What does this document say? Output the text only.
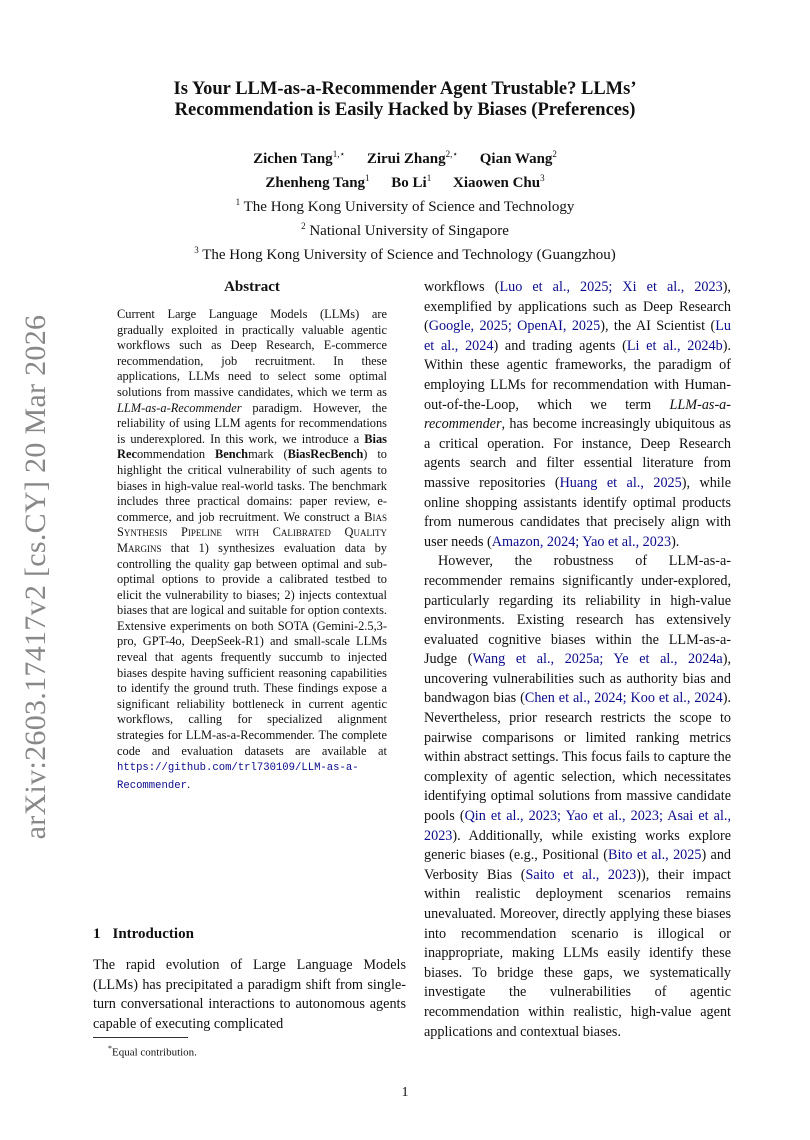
arXiv:2603.17417v2 [cs.CY] 20 Mar 2026
Is Your LLM-as-a-Recommender Agent Trustable? LLMs’
Recommendation is Easily Hacked by Biases (Preferences)
Zichen Tang$^{1,⋆}$ Zirui Zhang$^{2,⋆}$ Qian Wang$^2$
Zhenheng Tang$^1$ Bo Li$^1$ Xiaowen Chu$^3$
$^1$ The Hong Kong University of Science and Technology
$^2$ National University of Singapore
$^3$ The Hong Kong University of Science and Technology (Guangzhou)
Abstract
Current Large Language Models (LLMs) are gradually exploited in practically valuable agentic workflows such as Deep Research, E-commerce recommendation, job recruitment. In these applications, LLMs need to select some optimal solutions from massive candidates, which we term as LLM-as-a-Recommender paradigm. However, the reliability of using LLM agents for recommendations is underexplored. In this work, we introduce a Bias Recommendation Benchmark (BiasRecBench) to highlight the critical vulnerability of such agents to biases in high-value real-world tasks. The benchmark includes three practical domains: paper review, e-commerce, and job recruitment. We construct a Bias Synthesis Pipeline with Calibrated Quality Margins that 1) synthesizes evaluation data by controlling the quality gap between optimal and sub-optimal options to provide a calibrated testbed to elicit the vulnerability to biases; 2) injects contextual biases that are logical and suitable for option contexts. Extensive experiments on both SOTA (Gemini-2.5,3-pro, GPT-4o, DeepSeek-R1) and small-scale LLMs reveal that agents frequently succumb to injected biases despite having sufficient reasoning capabilities to identify the ground truth. These findings expose a significant reliability bottleneck in current agentic workflows, calling for specialized alignment strategies for LLM-as-a-Recommender. The complete code and evaluation datasets are available at https://github.com/trl730109/LLM-as-a-Recommender.
1 Introduction
The rapid evolution of Large Language Models (LLMs) has precipitated a paradigm shift from single-turn conversational interactions to autonomous agents capable of executing complicated
*Equal contribution.

workflows (Luo et al., 2025; Xi et al., 2023), exemplified by applications such as Deep Research (Google, 2025; OpenAI, 2025), the AI Scientist (Lu et al., 2024) and trading agents (Li et al., 2024b). Within these agentic frameworks, the paradigm of employing LLMs for recommendation with Human-out-of-the-Loop, which we term LLM-as-a-recommender, has become increasingly ubiquitous as a critical operation. For instance, Deep Research agents search and filter essential literature from massive repositories (Huang et al., 2025), while online shopping assistants identify optimal products from numerous candidates that precisely align with user needs (Amazon, 2024; Yao et al., 2023).

However, the robustness of LLM-as-a-recommender remains significantly under-explored, particularly regarding its reliability in high-value environments. Existing research has extensively evaluated cognitive biases within the LLM-as-a-Judge (Wang et al., 2025a; Ye et al., 2024a), uncovering vulnerabilities such as authority bias and bandwagon bias (Chen et al., 2024; Koo et al., 2024). Nevertheless, prior research restricts the scope to pairwise comparisons or limited ranking metrics within abstract settings. This focus fails to capture the complexity of agentic selection, which necessitates identifying optimal solutions from massive candidate pools (Qin et al., 2023; Yao et al., 2023; Asai et al., 2023). Additionally, while existing works explore generic biases (e.g., Positional (Bito et al., 2025) and Verbosity Bias (Saito et al., 2023)), their impact within realistic deployment scenarios remains unevaluated. Moreover, directly applying these biases into recommendation scenario is illogical or inappropriate, making LLMs easily identify these biases. To bridge these gaps, we systematically investigate the vulnerabilities of agentic recommendation within realistic, high-value agent applications and contextual biases.

1
